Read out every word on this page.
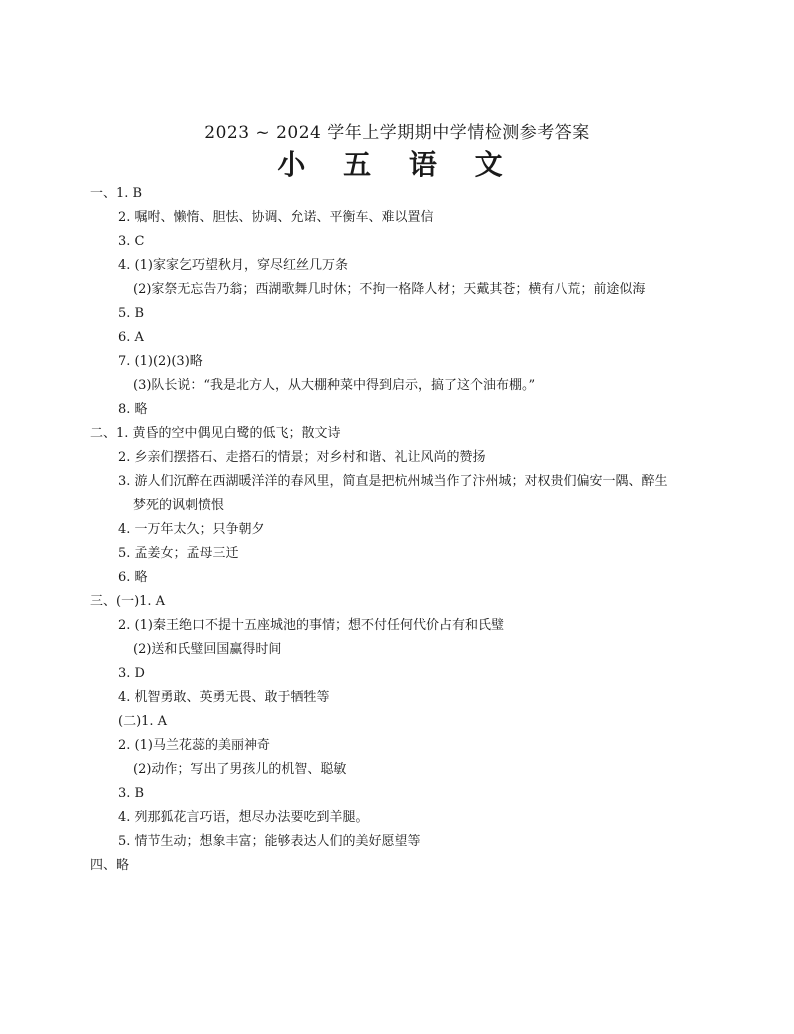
2023 ~ 2024 学年上学期期中学情检测参考答案
小 五 语 文
一、1. B
2. 嘱咐、懒惰、胆怯、协调、允诺、平衡车、难以置信
3. C
4. (1)家家乞巧望秋月，穿尽红丝几万条
(2)家祭无忘告乃翁；西湖歌舞几时休；不拘一格降人材；天戴其苍；横有八荒；前途似海
5. B
6. A
7. (1)(2)(3)略
(3)队长说：“我是北方人，从大棚种菜中得到启示，搞了这个油布棚。”
8. 略
二、1. 黄昏的空中偶见白鹭的低飞；散文诗
2. 乡亲们摆搭石、走搭石的情景；对乡村和谐、礼让风尚的赞扬
3. 游人们沉醉在西湖暖洋洋的春风里，简直是把杭州城当作了汴州城；对权贵们偏安一隅、醉生
梦死的讽刺愤恨
4. 一万年太久；只争朝夕
5. 孟姜女；孟母三迁
6. 略
三、(一)1. A
2. (1)秦王绝口不提十五座城池的事情；想不付任何代价占有和氏璧
(2)送和氏璧回国赢得时间
3. D
4. 机智勇敢、英勇无畏、敢于牺牲等
(二)1. A
2. (1)马兰花蕊的美丽神奇
(2)动作；写出了男孩儿的机智、聪敏
3. B
4. 列那狐花言巧语，想尽办法要吃到羊腿。
5. 情节生动；想象丰富；能够表达人们的美好愿望等
四、略
